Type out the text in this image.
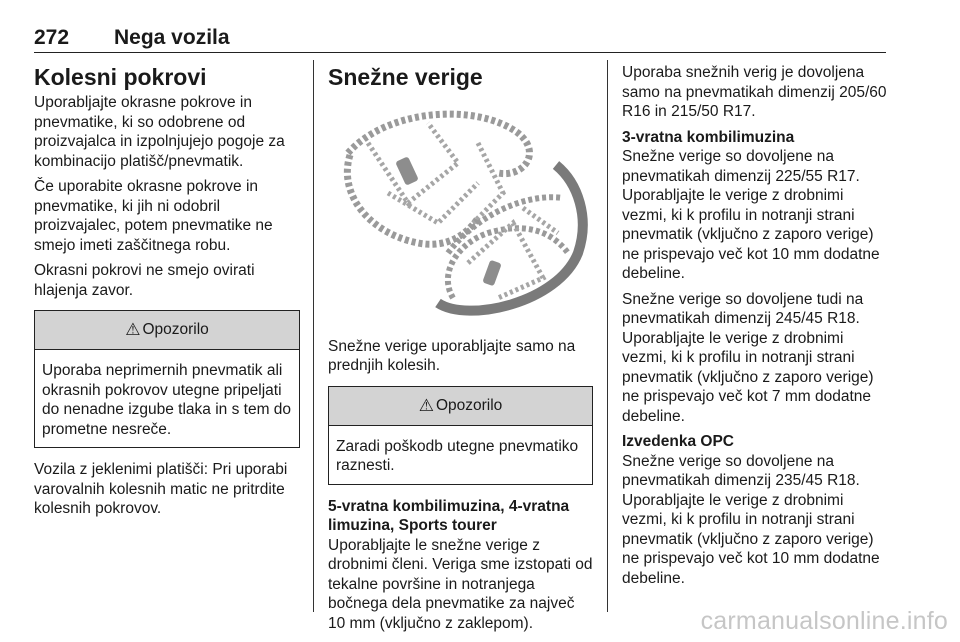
272 Nega vozila
Kolesni pokrovi

Uporabljajte okrasne pokrove in pnevmatike, ki so odobrene od proizvajalca in izpolnjujejo pogoje za kombinacijo platišč/pnevmatik.

Če uporabite okrasne pokrove in pnevmatike, ki jih ni odobril proizvajalec, potem pnevmatike ne smejo imeti zaščitnega robu.

Okrasni pokrovi ne smejo ovirati hlajenja zavor.

⚠ Opozorilo
Uporaba neprimernih pnevmatik ali okrasnih pokrovov utegne pripeljati do nenadne izgube tlaka in s tem do prometne nesreče.

Vozila z jeklenimi platišči: Pri uporabi varovalnih kolesnih matic ne pritrdite kolesnih pokrovov.

Snežne verige

Snežne verige uporabljajte samo na prednjih kolesih.

⚠ Opozorilo
Zaradi poškodb utegne pnevmatiko raznesti.
5-vratna kombilimuzina, 4-vratna limuzina, Sports tourer

Uporabljajte le snežne verige z drobnimi členi. Veriga sme izstopati od tekalne površine in notranjega bočnega dela pnevmatike za največ 10 mm (vključno z zaklepom).

Uporaba snežnih verig je dovoljena samo na pnevmatikah dimenzij 205/60 R16 in 215/50 R17.

3-vratna kombilimuzina

Snežne verige so dovoljene na pnevmatikah dimenzij 225/55 R17. Uporabljajte le verige z drobnimi vezmi, ki k profilu in notranji strani pnevmatik (vključno z zaporo verige) ne prispevajo več kot 10 mm dodatne debeline.

Snežne verige so dovoljene tudi na pnevmatikah dimenzij 245/45 R18. Uporabljajte le verige z drobnimi vezmi, ki k profilu in notranji strani pnevmatik (vključno z zaporo verige) ne prispevajo več kot 7 mm dodatne debeline.

Izvedenka OPC

Snežne verige so dovoljene na pnevmatikah dimenzij 235/45 R18. Uporabljajte le verige z drobnimi vezmi, ki k profilu in notranji strani pnevmatik (vključno z zaporo verige) ne prispevajo več kot 10 mm dodatne debeline.

carmanualsonline.info
